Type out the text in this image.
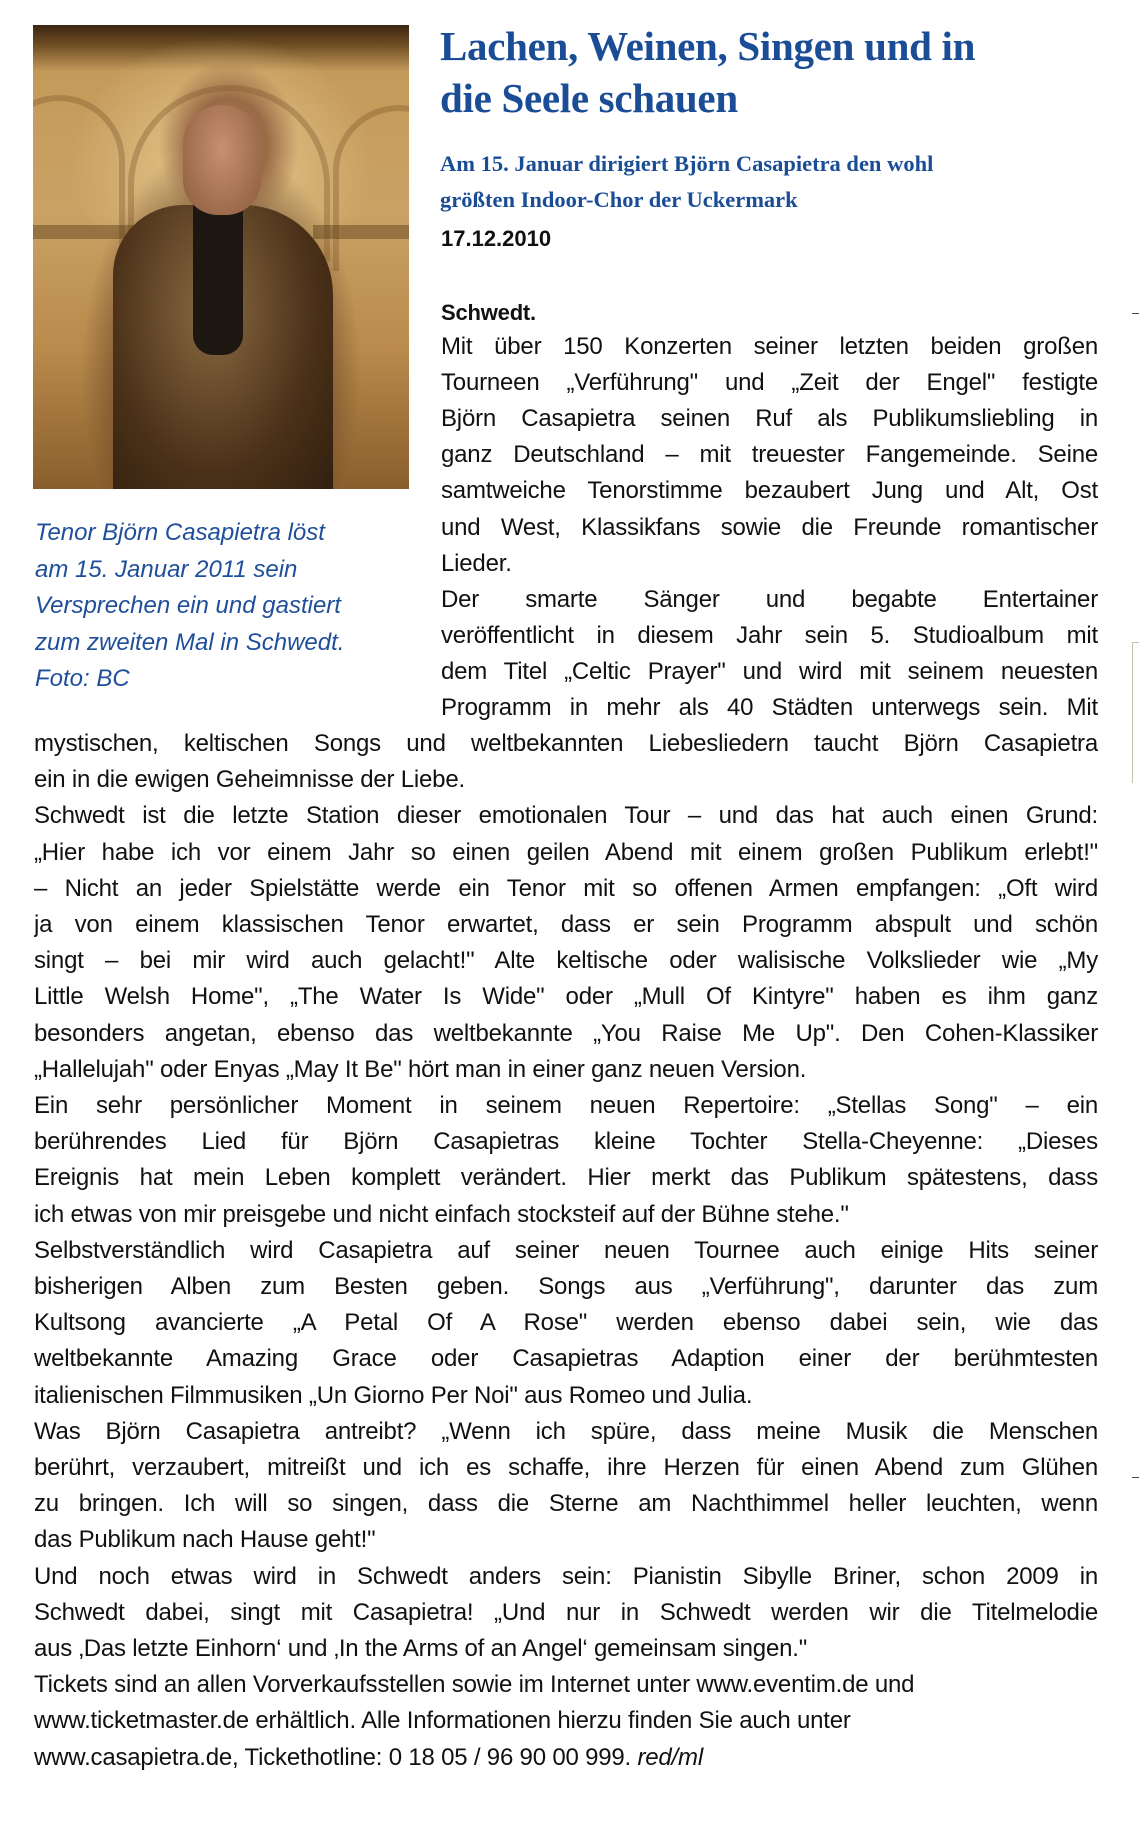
Tenor Björn Casapietra löst
am 15. Januar 2011 sein
Versprechen ein und gastiert
zum zweiten Mal in Schwedt.
Foto: BC
Lachen, Weinen, Singen und in
die Seele schauen
Am 15. Januar dirigiert Björn Casapietra den wohl
größten Indoor-Chor der Uckermark
17.12.2010
Schwedt.
Mit über 150 Konzerten seiner letzten beiden großen
Tourneen „Verführung" und „Zeit der Engel" festigte
Björn Casapietra seinen Ruf als Publikumsliebling in
ganz Deutschland – mit treuester Fangemeinde. Seine
samtweiche Tenorstimme bezaubert Jung und Alt, Ost
und West, Klassikfans sowie die Freunde romantischer
Lieder.
Der smarte Sänger und begabte Entertainer
veröffentlicht in diesem Jahr sein 5. Studioalbum mit
dem Titel „Celtic Prayer" und wird mit seinem neuesten
Programm in mehr als 40 Städten unterwegs sein. Mit
mystischen, keltischen Songs und weltbekannten Liebesliedern taucht Björn Casapietra
ein in die ewigen Geheimnisse der Liebe.
Schwedt ist die letzte Station dieser emotionalen Tour – und das hat auch einen Grund:
„Hier habe ich vor einem Jahr so einen geilen Abend mit einem großen Publikum erlebt!"
– Nicht an jeder Spielstätte werde ein Tenor mit so offenen Armen empfangen: „Oft wird
ja von einem klassischen Tenor erwartet, dass er sein Programm abspult und schön
singt – bei mir wird auch gelacht!" Alte keltische oder walisische Volkslieder wie „My
Little Welsh Home", „The Water Is Wide" oder „Mull Of Kintyre" haben es ihm ganz
besonders angetan, ebenso das weltbekannte „You Raise Me Up". Den Cohen-Klassiker
„Hallelujah" oder Enyas „May It Be" hört man in einer ganz neuen Version.
Ein sehr persönlicher Moment in seinem neuen Repertoire: „Stellas Song" – ein
berührendes Lied für Björn Casapietras kleine Tochter Stella-Cheyenne: „Dieses
Ereignis hat mein Leben komplett verändert. Hier merkt das Publikum spätestens, dass
ich etwas von mir preisgebe und nicht einfach stocksteif auf der Bühne stehe."
Selbstverständlich wird Casapietra auf seiner neuen Tournee auch einige Hits seiner
bisherigen Alben zum Besten geben. Songs aus „Verführung", darunter das zum
Kultsong avancierte „A Petal Of A Rose" werden ebenso dabei sein, wie das
weltbekannte Amazing Grace oder Casapietras Adaption einer der berühmtesten
italienischen Filmmusiken „Un Giorno Per Noi" aus Romeo und Julia.
Was Björn Casapietra antreibt? „Wenn ich spüre, dass meine Musik die Menschen
berührt, verzaubert, mitreißt und ich es schaffe, ihre Herzen für einen Abend zum Glühen
zu bringen. Ich will so singen, dass die Sterne am Nachthimmel heller leuchten, wenn
das Publikum nach Hause geht!"
Und noch etwas wird in Schwedt anders sein: Pianistin Sibylle Briner, schon 2009 in
Schwedt dabei, singt mit Casapietra! „Und nur in Schwedt werden wir die Titelmelodie
aus ‚Das letzte Einhorn‘ und ‚In the Arms of an Angel‘ gemeinsam singen."
Tickets sind an allen Vorverkaufsstellen sowie im Internet unter www.eventim.de und
www.ticketmaster.de erhältlich. Alle Informationen hierzu finden Sie auch unter
www.casapietra.de, Tickethotline: 0 18 05 / 96 90 00 999. red/ml
